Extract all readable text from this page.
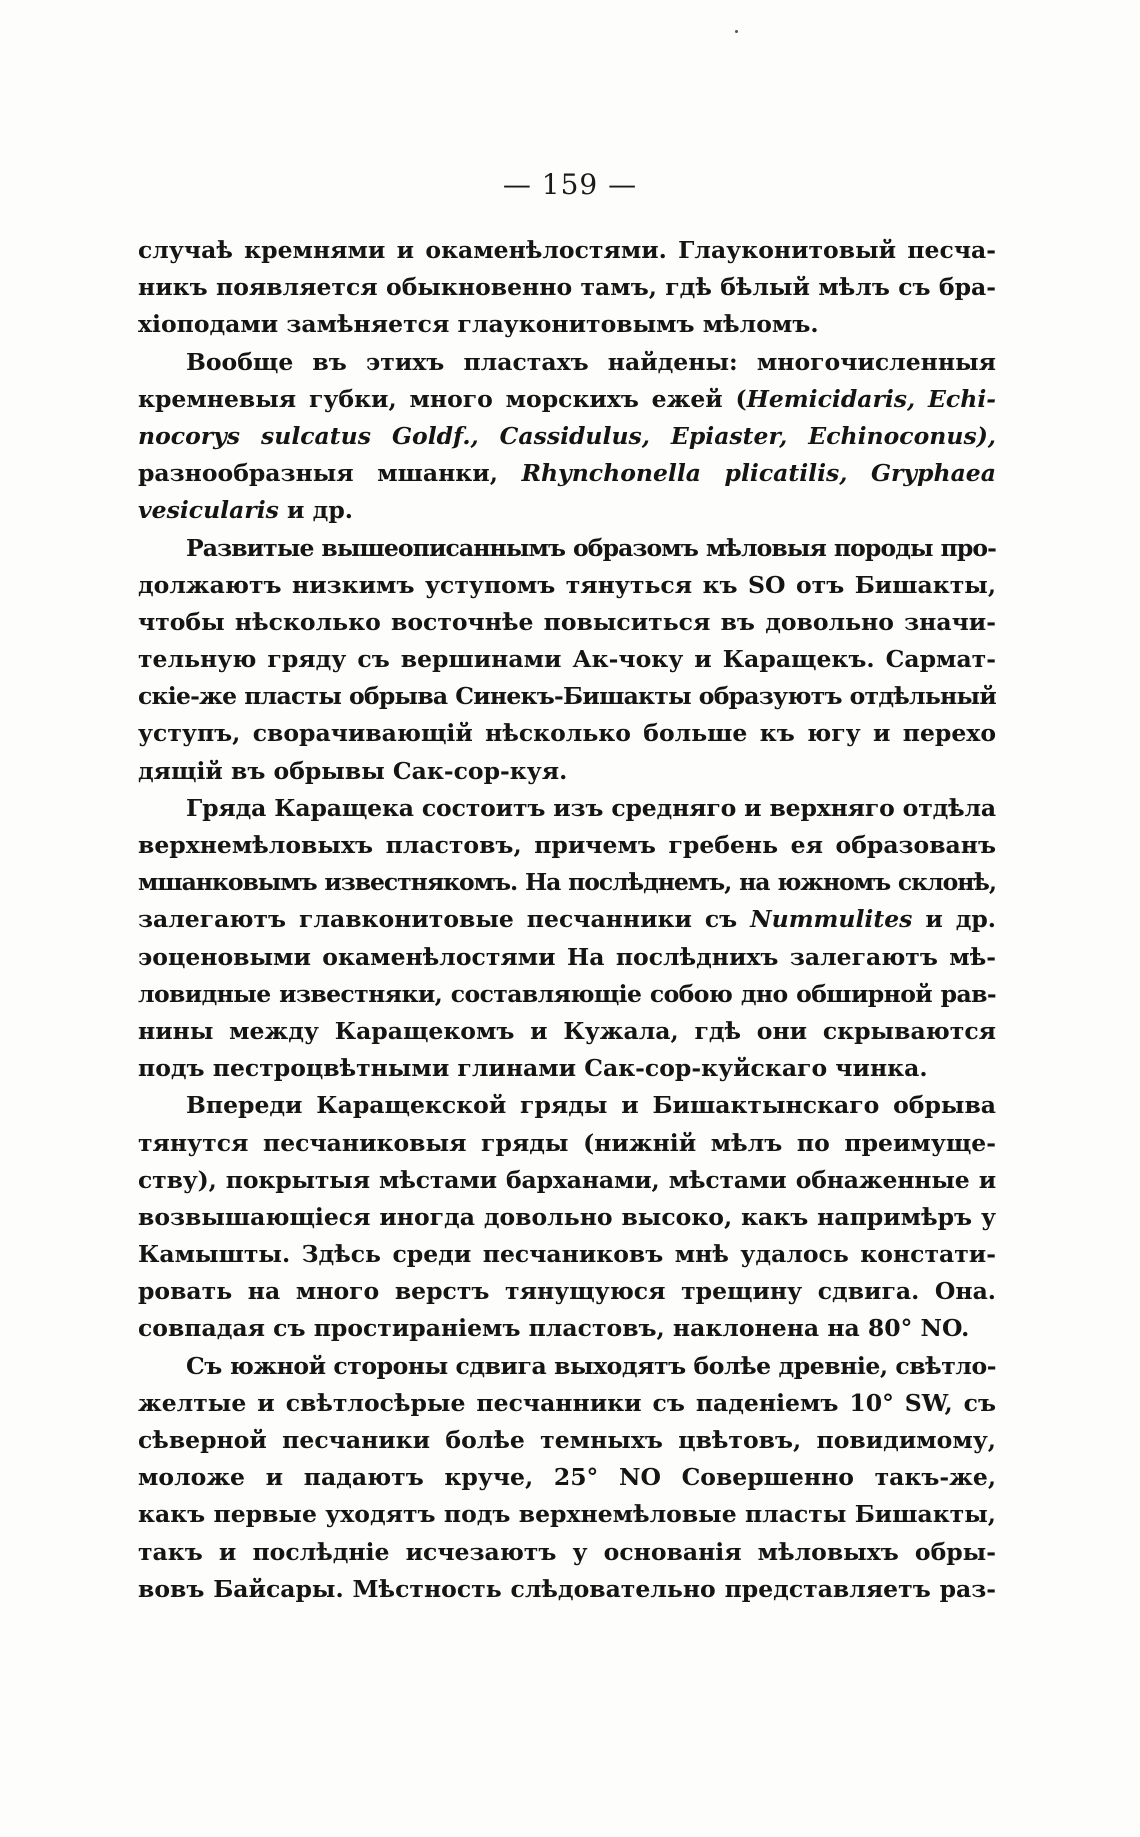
— 159 —
случаѣ кремнями и окаменѣлостями. Глауконитовый песча-
никъ появляется обыкновенно тамъ, гдѣ бѣлый мѣлъ съ бра-
хіоподами замѣняется глауконитовымъ мѣломъ.
Вообще въ этихъ пластахъ найдены: многочисленныя
кремневыя губки, много морскихъ ежей (Hemicidaris, Echi-
nocorys sulcatus Goldf., Cassidulus, Epiaster, Echinoconus),
разнообразныя мшанки, Rhynchonella plicatilis, Gryphaea
vesicularis и др.
Развитые вышеописаннымъ образомъ мѣловыя породы про-
должаютъ низкимъ уступомъ тянуться къ SO отъ Бишакты,
чтобы нѣсколько восточнѣе повыситься въ довольно значи-
тельную гряду съ вершинами Ак-чоку и Каращекъ. Сармат-
скіе-же пласты обрыва Синекъ-Бишакты образуютъ отдѣльный
уступъ, сворачивающій нѣсколько больше къ югу и перехо
дящій въ обрывы Сак-сор-куя.
Гряда Каращека состоитъ изъ средняго и верхняго отдѣла
верхнемѣловыхъ пластовъ, причемъ гребень ея образованъ
мшанковымъ известнякомъ. На послѣднемъ, на южномъ склонѣ,
залегаютъ главконитовые песчанники съ Nummulites и др.
эоценовыми окаменѣлостями На послѣднихъ залегаютъ мѣ-
ловидные известняки, составляющіе собою дно обширной рав-
нины между Каращекомъ и Кужала, гдѣ они скрываются
подъ пестроцвѣтными глинами Сак-сор-куйскаго чинка.
Впереди Каращекской гряды и Бишактынскаго обрыва
тянутся песчаниковыя гряды (нижній мѣлъ по преимуще-
ству), покрытыя мѣстами барханами, мѣстами обнаженные и
возвышающіеся иногда довольно высоко, какъ напримѣръ у
Камышты. Здѣсь среди песчаниковъ мнѣ удалось констати-
ровать на много верстъ тянущуюся трещину сдвига. Она.
совпадая съ простираніемъ пластовъ, наклонена на 80° NO.
Съ южной стороны сдвига выходятъ болѣе древніе, свѣтло-
желтые и свѣтлосѣрые песчанники съ паденіемъ 10° SW, съ
сѣверной песчаники болѣе темныхъ цвѣтовъ, повидимому,
моложе и падаютъ круче, 25° NO Совершенно такъ-же,
какъ первые уходятъ подъ верхнемѣловые пласты Бишакты,
такъ и послѣдніе исчезаютъ у основанія мѣловыхъ обры-
вовъ Байсары. Мѣстность слѣдовательно представляетъ раз-
